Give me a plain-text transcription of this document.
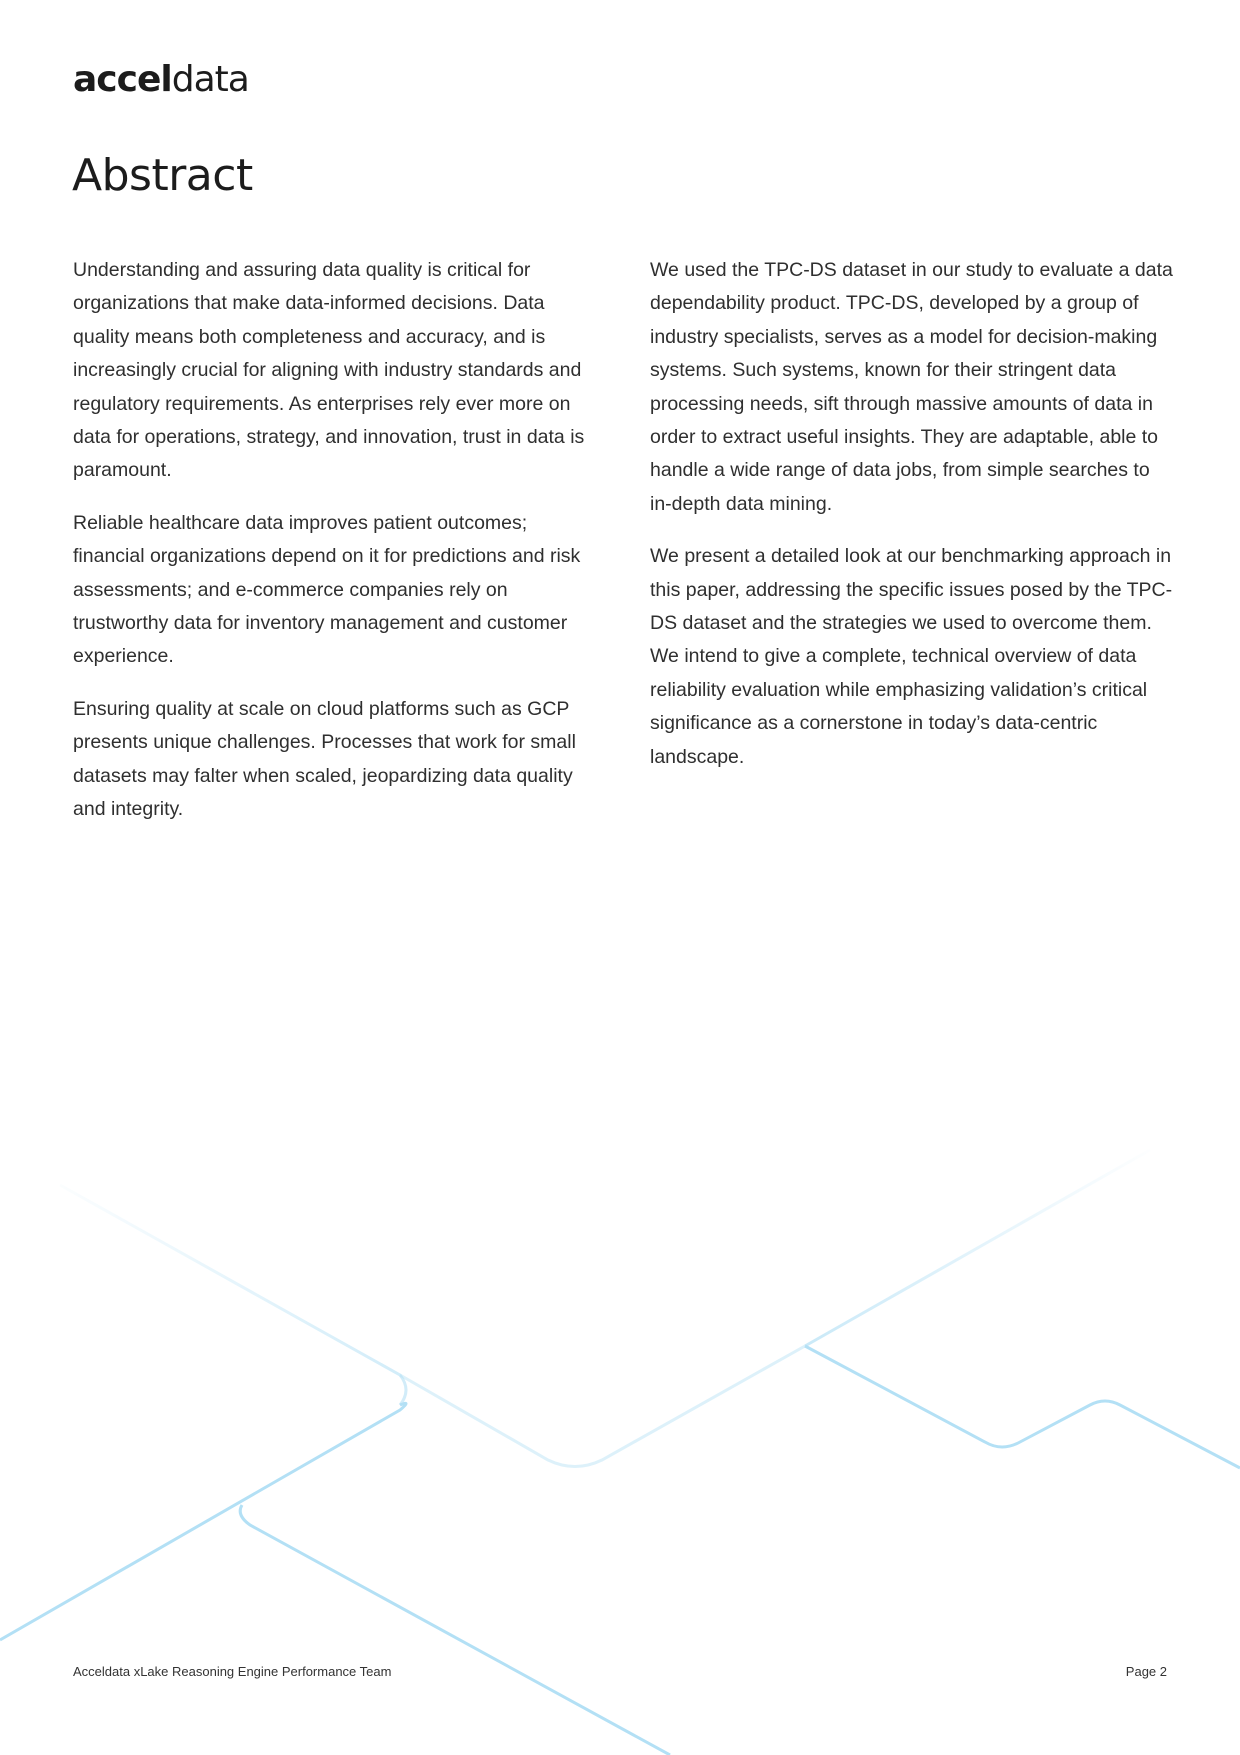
acceldata
Abstract

Understanding and assuring data quality is critical for organizations that make data-informed decisions. Data quality means both completeness and accuracy, and is increasingly crucial for aligning with industry standards and regulatory requirements. As enterprises rely ever more on data for operations, strategy, and innovation, trust in data is paramount.

Reliable healthcare data improves patient outcomes; financial organizations depend on it for predictions and risk assessments; and e-commerce companies rely on trustworthy data for inventory management and customer experience.

Ensuring quality at scale on cloud platforms such as GCP presents unique challenges. Processes that work for small datasets may falter when scaled, jeopardizing data quality and integrity.

We used the TPC-DS dataset in our study to evaluate a data dependability product. TPC-DS, developed by a group of industry specialists, serves as a model for decision-making systems. Such systems, known for their stringent data processing needs, sift through massive amounts of data in order to extract useful insights. They are adaptable, able to handle a wide range of data jobs, from simple searches to in-depth data mining.

We present a detailed look at our benchmarking approach in this paper, addressing the specific issues posed by the TPC-DS dataset and the strategies we used to overcome them. We intend to give a complete, technical overview of data reliability evaluation while emphasizing validation’s critical significance as a cornerstone in today’s data-centric landscape.

Acceldata xLake Reasoning Engine Performance Team	Page 2
